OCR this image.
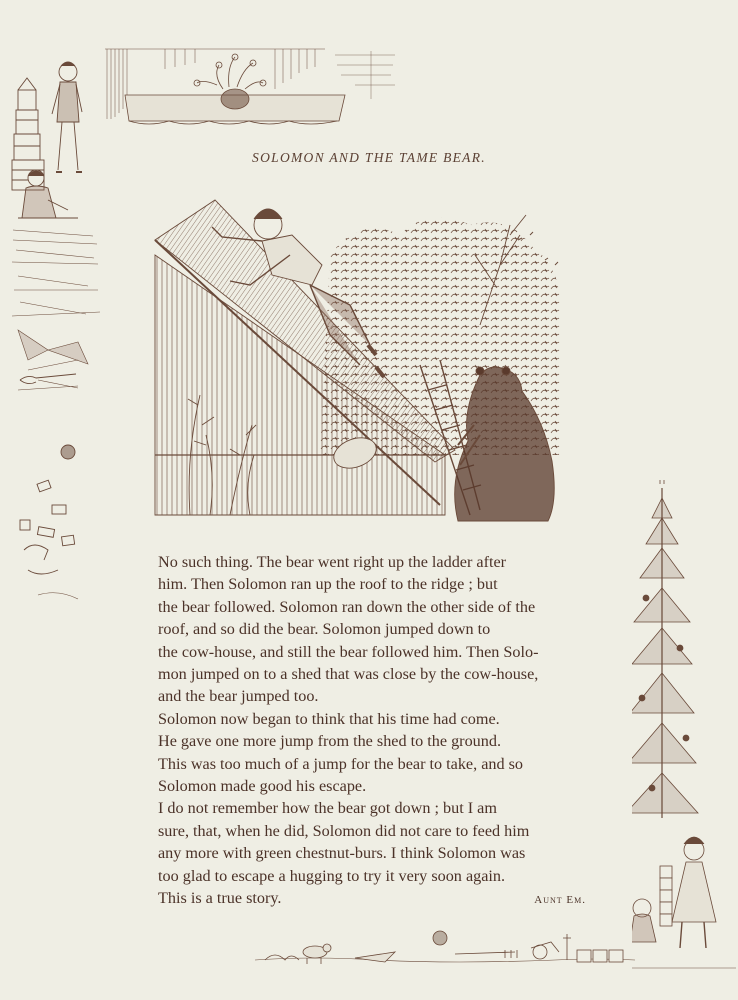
SOLOMON AND THE TAME BEAR.

No such thing. The bear went right up the ladder after
him. Then Solomon ran up the roof to the ridge ; but
the bear followed. Solomon ran down the other side of the
roof, and so did the bear. Solomon jumped down to
the cow-house, and still the bear followed him. Then Solo-
mon jumped on to a shed that was close by the cow-house,
and the bear jumped too.

Solomon now began to think that his time had come.
He gave one more jump from the shed to the ground.
This was too much of a jump for the bear to take, and so
Solomon made good his escape.

I do not remember how the bear got down ; but I am
sure, that, when he did, Solomon did not care to feed him
any more with green chestnut-burs. I think Solomon was
too glad to escape a hugging to try it very soon again.

This is a true story.	Aunt Em.
